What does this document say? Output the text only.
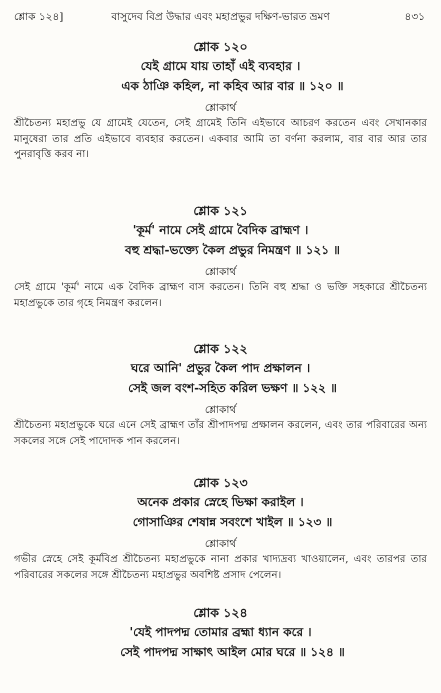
শ্লোক ১২৪]	বাসুদেব বিপ্র উদ্ধার এবং মহাপ্রভুর দক্ষিণ-ভারত ভ্রমণ	৪৩১
শ্লোক ১২০
যেই গ্রামে যায় তাহাঁ এই ব্যবহার ।
এক ঠাঞি কহিল, না কহিব আর বার ॥ ১২০ ॥
শ্লোকার্থ
শ্রীচৈতন্য মহাপ্রভু যে গ্রামেই যেতেন, সেই গ্রামেই তিনি এইভাবে আচরণ করতেন এবং সেখানকার মানুষেরা তার প্রতি এইভাবে ব্যবহার করতেন। একবার আমি তা বর্ণনা করলাম, বার বার আর তার পুনরাবৃত্তি করব না।
শ্লোক ১২১
'কূর্ম' নামে সেই গ্রামে বৈদিক ব্রাহ্মণ ।
বহু শ্রদ্ধা-ভক্ত্যে কৈল প্রভুর নিমন্ত্রণ ॥ ১২১ ॥
শ্লোকার্থ
সেই গ্রামে 'কূর্ম' নামে এক বৈদিক ব্রাহ্মণ বাস করতেন। তিনি বহু শ্রদ্ধা ও ভক্তি সহকারে শ্রীচৈতন্য মহাপ্রভুকে তার গৃহে নিমন্ত্রণ করলেন।
শ্লোক ১২২
ঘরে আনি' প্রভুর কৈল পাদ প্রক্ষালন ।
সেই জল বংশ-সহিত করিল ভক্ষণ ॥ ১২২ ॥
শ্লোকার্থ
শ্রীচৈতন্য মহাপ্রভুকে ঘরে এনে সেই ব্রাহ্মণ তাঁর শ্রীপাদপদ্ম প্রক্ষালন করলেন, এবং তার পরিবারের অন্য সকলের সঙ্গে সেই পাদোদক পান করলেন।
শ্লোক ১২৩
অনেক প্রকার স্নেহে ভিক্ষা করাইল ।
গোসাঞির শেষান্ন সবংশে খাইল ॥ ১২৩ ॥
শ্লোকার্থ
গভীর স্নেহে সেই কূর্মবিপ্র শ্রীচৈতন্য মহাপ্রভুকে নানা প্রকার খাদ্যদ্রব্য খাওয়ালেন, এবং তারপর তার পরিবারের সকলের সঙ্গে শ্রীচৈতন্য মহাপ্রভুর অবশিষ্ট প্রসাদ পেলেন।
শ্লোক ১২৪
'যেই পাদপদ্ম তোমার ব্রহ্মা ধ্যান করে ।
সেই পাদপদ্ম সাক্ষাৎ আইল মোর ঘরে ॥ ১২৪ ॥
